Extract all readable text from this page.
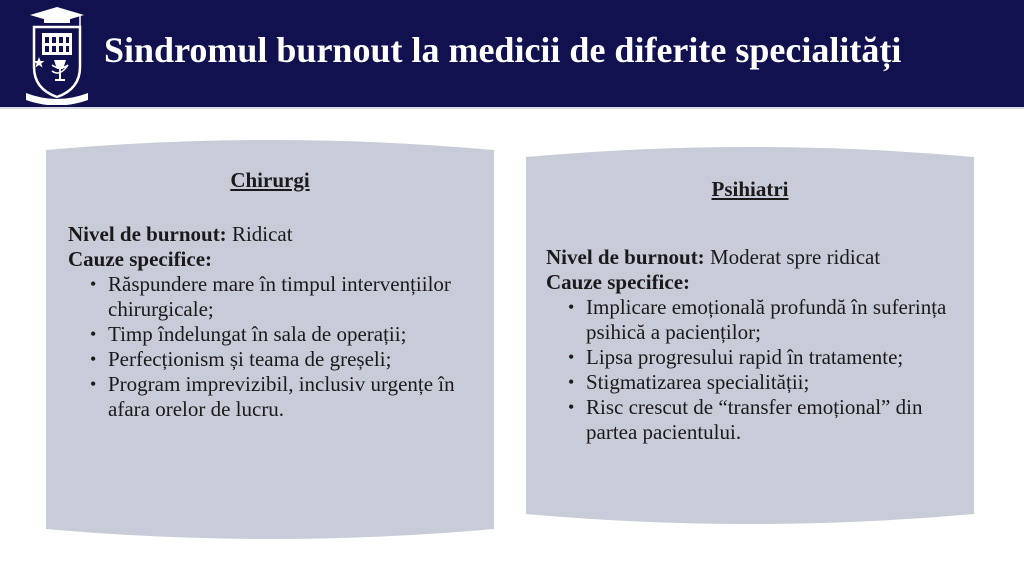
Sindromul burnout la medicii de diferite specialități
Chirurgi
Nivel de burnout: Ridicat
Cauze specifice:
• Răspundere mare în timpul intervențiilor chirurgicale;
• Timp îndelungat în sala de operații;
• Perfecționism și teama de greșeli;
• Program imprevizibil, inclusiv urgențe în afara orelor de lucru.
Psihiatri
Nivel de burnout: Moderat spre ridicat
Cauze specifice:
• Implicare emoțională profundă în suferința psihică a pacienților;
• Lipsa progresului rapid în tratamente;
• Stigmatizarea specialității;
• Risc crescut de “transfer emoțional” din partea pacientului.
